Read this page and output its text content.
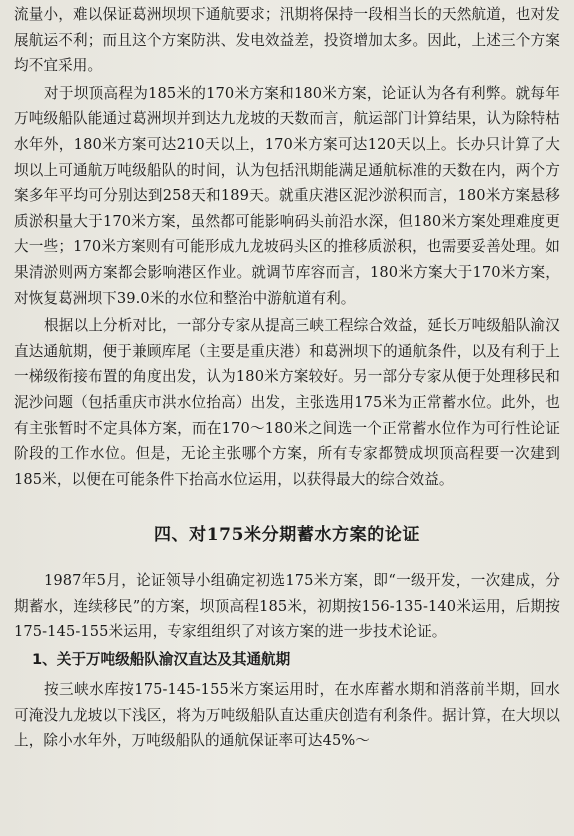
流量小，难以保证葛洲坝坝下通航要求；汛期将保持一段相当长的天然航道，也对发展航运不利；而且这个方案防洪、发电效益差，投资增加太多。因此，上述三个方案均不宜采用。

对于坝顶高程为185米的170米方案和180米方案，论证认为各有利弊。就每年万吨级船队能通过葛洲坝并到达九龙坡的天数而言，航运部门计算结果，认为除特枯水年外，180米方案可达210天以上，170米方案可达120天以上。长办只计算了大坝以上可通航万吨级船队的时间，认为包括汛期能满足通航标准的天数在内，两个方案多年平均可分别达到258天和189天。就重庆港区泥沙淤积而言，180米方案悬移质淤积量大于170米方案，虽然都可能影响码头前沿水深，但180米方案处理难度更大一些；170米方案则有可能形成九龙坡码头区的推移质淤积，也需要妥善处理。如果清淤则两方案都会影响港区作业。就调节库容而言，180米方案大于170米方案，对恢复葛洲坝下39.0米的水位和整治中游航道有利。

根据以上分析对比，一部分专家从提高三峡工程综合效益，延长万吨级船队渝汉直达通航期，便于兼顾库尾（主要是重庆港）和葛洲坝下的通航条件，以及有利于上一梯级衔接布置的角度出发，认为180米方案较好。另一部分专家从便于处理移民和泥沙问题（包括重庆市洪水位抬高）出发，主张选用175米为正常蓄水位。此外，也有主张暂时不定具体方案，而在170～180米之间选一个正常蓄水位作为可行性论证阶段的工作水位。但是，无论主张哪个方案，所有专家都赞成坝顶高程要一次建到185米，以便在可能条件下抬高水位运用，以获得最大的综合效益。

四、对175米分期蓄水方案的论证

1987年5月，论证领导小组确定初选175米方案，即“一级开发，一次建成，分期蓄水，连续移民”的方案，坝顶高程185米，初期按156-135-140米运用，后期按175-145-155米运用，专家组组织了对该方案的进一步技术论证。

1、关于万吨级船队渝汉直达及其通航期

按三峡水库按175-145-155米方案运用时，在水库蓄水期和消落前半期，回水可淹没九龙坡以下浅区，将为万吨级船队直达重庆创造有利条件。据计算，在大坝以上，除小水年外，万吨级船队的通航保证率可达45%～
